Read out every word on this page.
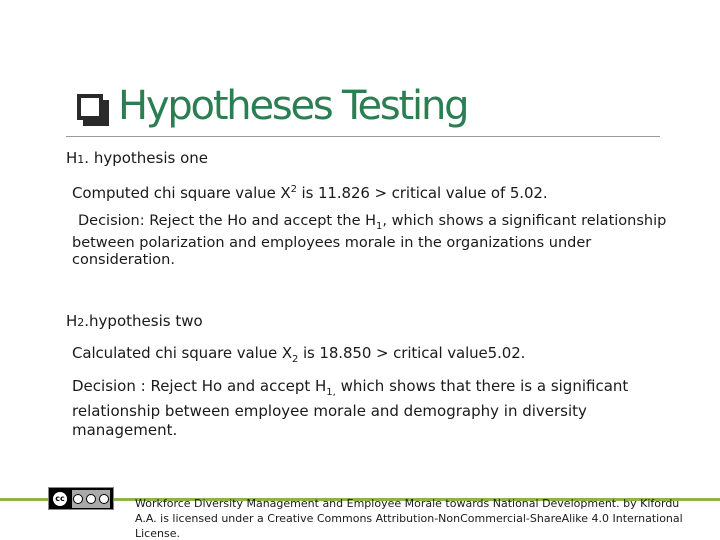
Hypotheses Testing
H1. hypothesis one
Computed chi square value $X^2$ is 11.826 > critical value of 5.02.
Decision: Reject the Ho and accept the $H_1$, which shows a significant relationship between polarization and employees morale in the organizations under consideration.
H2.hypothesis two
Calculated chi square value $X_2$ is 18.850 > critical value5.02.
Decision : Reject Ho and accept $H_{1,}$ which shows that there is a significant relationship between employee morale and demography in diversity management.
cc	Workforce Diversity Management and Employee Morale towards National Development. by Kifordu A.A. is licensed under a Creative Commons Attribution-NonCommercial-ShareAlike 4.0 International License.
